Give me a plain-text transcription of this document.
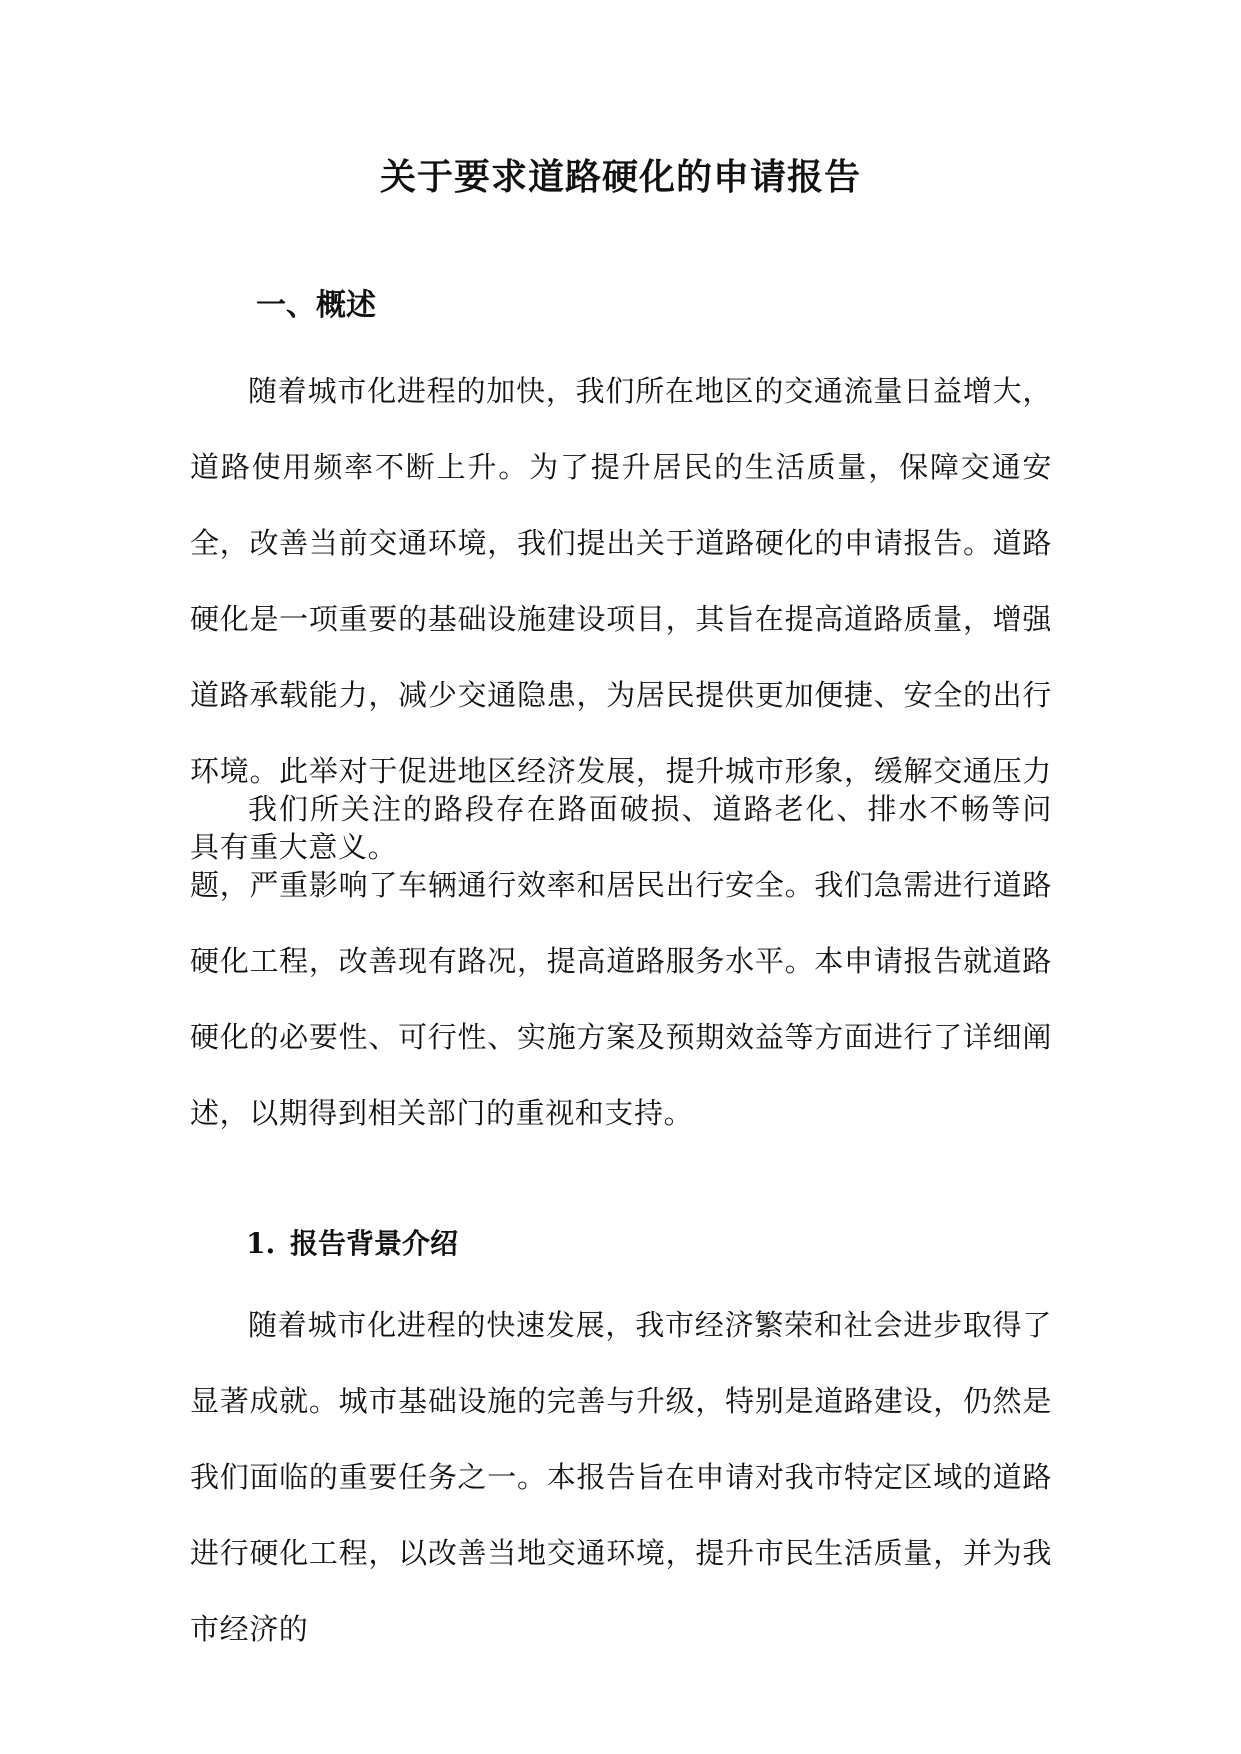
关于要求道路硬化的申请报告
一、概述

随着城市化进程的加快，我们所在地区的交通流量日益增大，道路使用频率不断上升。为了提升居民的生活质量，保障交通安全，改善当前交通环境，我们提出关于道路硬化的申请报告。道路硬化是一项重要的基础设施建设项目，其旨在提高道路质量，增强道路承载能力，减少交通隐患，为居民提供更加便捷、安全的出行环境。此举对于促进地区经济发展，提升城市形象，缓解交通压力具有重大意义。

我们所关注的路段存在路面破损、道路老化、排水不畅等问题，严重影响了车辆通行效率和居民出行安全。我们急需进行道路硬化工程，改善现有路况，提高道路服务水平。本申请报告就道路硬化的必要性、可行性、实施方案及预期效益等方面进行了详细阐述，以期得到相关部门的重视和支持。

1. 报告背景介绍

随着城市化进程的快速发展，我市经济繁荣和社会进步取得了显著成就。城市基础设施的完善与升级，特别是道路建设，仍然是我们面临的重要任务之一。本报告旨在申请对我市特定区域的道路进行硬化工程，以改善当地交通环境，提升市民生活质量，并为我市经济的
